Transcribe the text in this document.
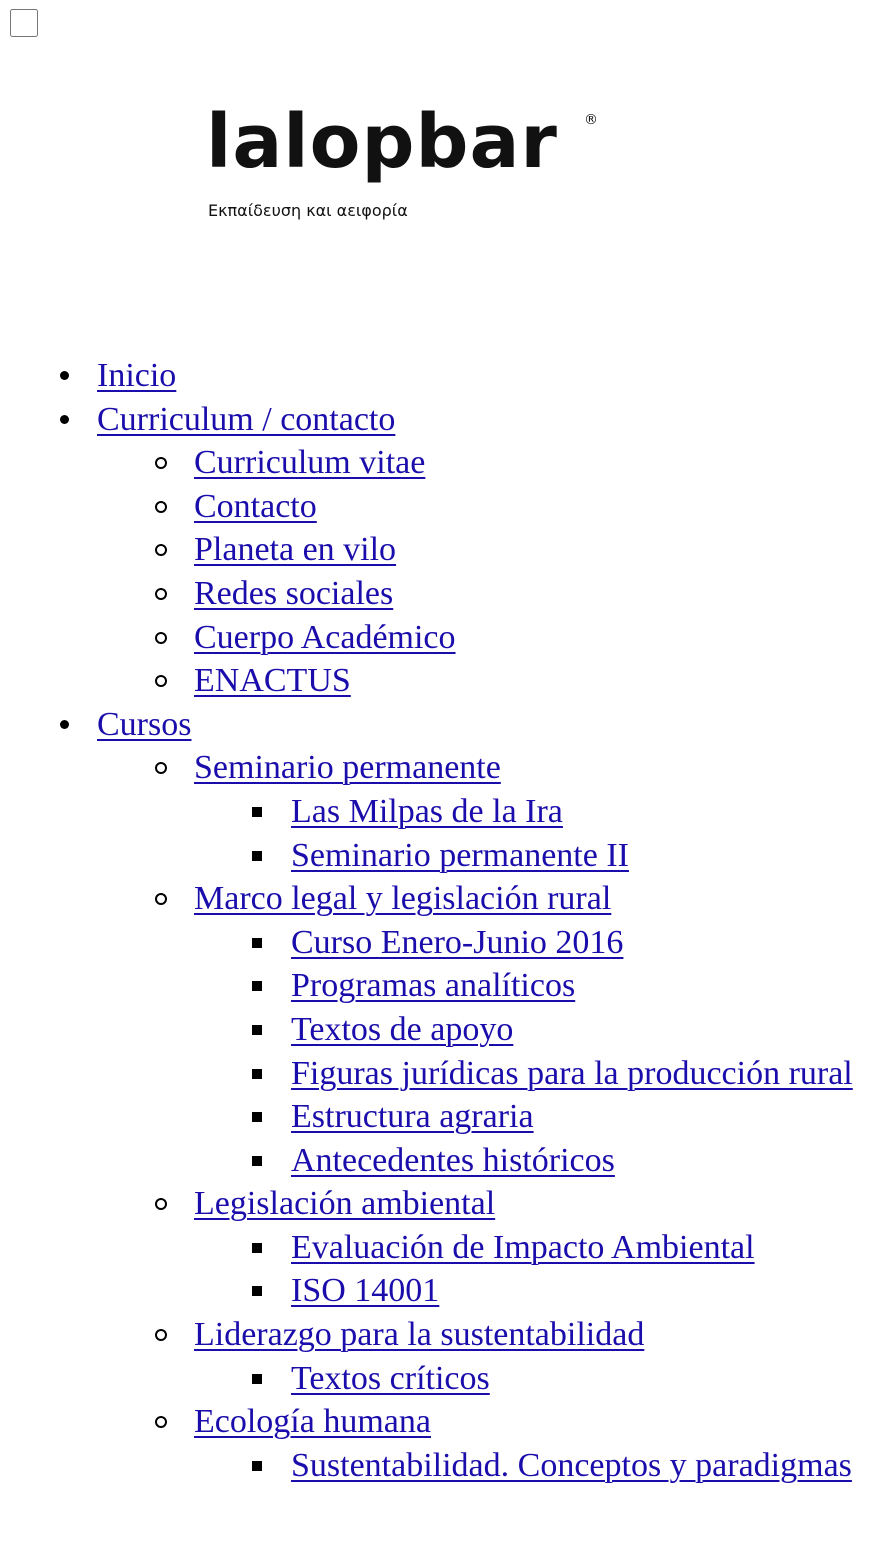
lalopbar ®
Εκπαίδευση και αειφορία
Inicio
Curriculum / contacto
Curriculum vitae
Contacto
Planeta en vilo
Redes sociales
Cuerpo Académico
ENACTUS
Cursos
Seminario permanente
Las Milpas de la Ira
Seminario permanente II
Marco legal y legislación rural
Curso Enero-Junio 2016
Programas analíticos
Textos de apoyo
Figuras jurídicas para la producción rural
Estructura agraria
Antecedentes históricos
Legislación ambiental
Evaluación de Impacto Ambiental
ISO 14001
Liderazgo para la sustentabilidad
Textos críticos
Ecología humana
Sustentabilidad. Conceptos y paradigmas
